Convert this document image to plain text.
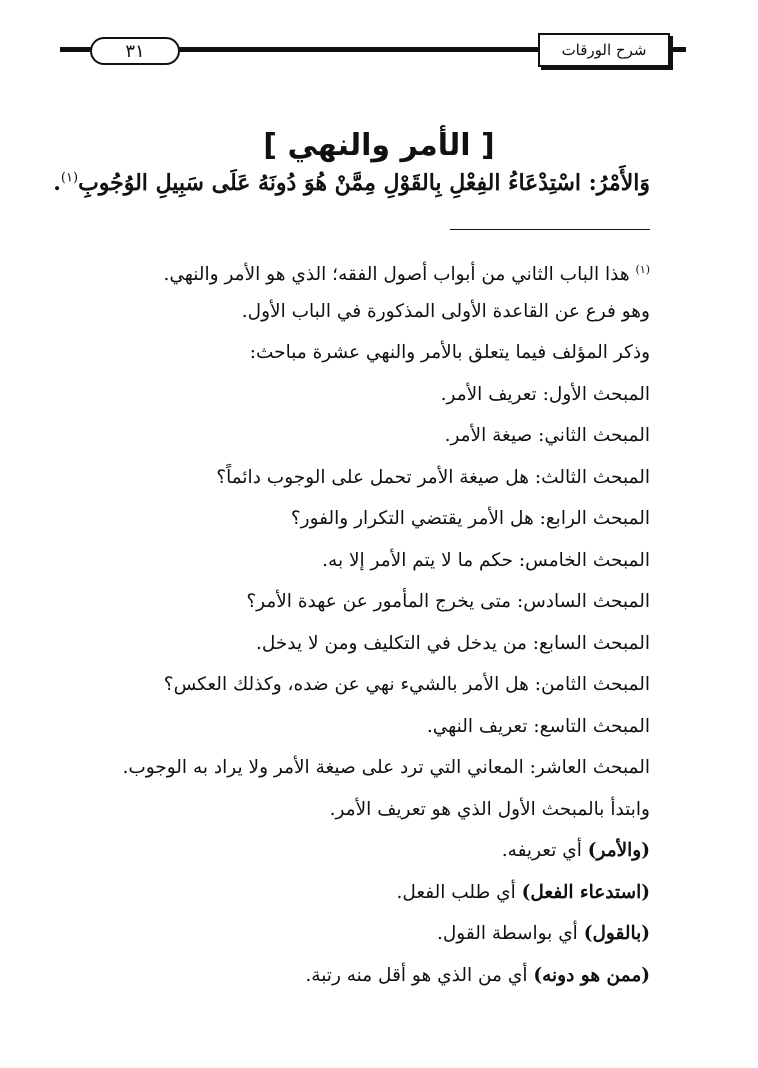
٣١	شرح الورقات
[ الأمر والنهي ]
وَالأَمْرُ: اسْتِدْعَاءُ الفِعْلِ بِالقَوْلِ مِمَّنْ هُوَ دُونَهُ عَلَى سَبِيلِ الوُجُوبِ$^{(١)}$.
$^{(١)}$ هذا الباب الثاني من أبواب أصول الفقه؛ الذي هو الأمر والنهي.
وهو فرع عن القاعدة الأولى المذكورة في الباب الأول.
وذكر المؤلف فيما يتعلق بالأمر والنهي عشرة مباحث:
المبحث الأول: تعريف الأمر.
المبحث الثاني: صيغة الأمر.
المبحث الثالث: هل صيغة الأمر تحمل على الوجوب دائماً؟
المبحث الرابع: هل الأمر يقتضي التكرار والفور؟
المبحث الخامس: حكم ما لا يتم الأمر إلا به.
المبحث السادس: متى يخرج المأمور عن عهدة الأمر؟
المبحث السابع: من يدخل في التكليف ومن لا يدخل.
المبحث الثامن: هل الأمر بالشيء نهي عن ضده، وكذلك العكس؟
المبحث التاسع: تعريف النهي.
المبحث العاشر: المعاني التي ترد على صيغة الأمر ولا يراد به الوجوب.
وابتدأ بالمبحث الأول الذي هو تعريف الأمر.
(والأمر) أي تعريفه.
(استدعاء الفعل) أي طلب الفعل.
(بالقول) أي بواسطة القول.
(ممن هو دونه) أي من الذي هو أقل منه رتبة.
